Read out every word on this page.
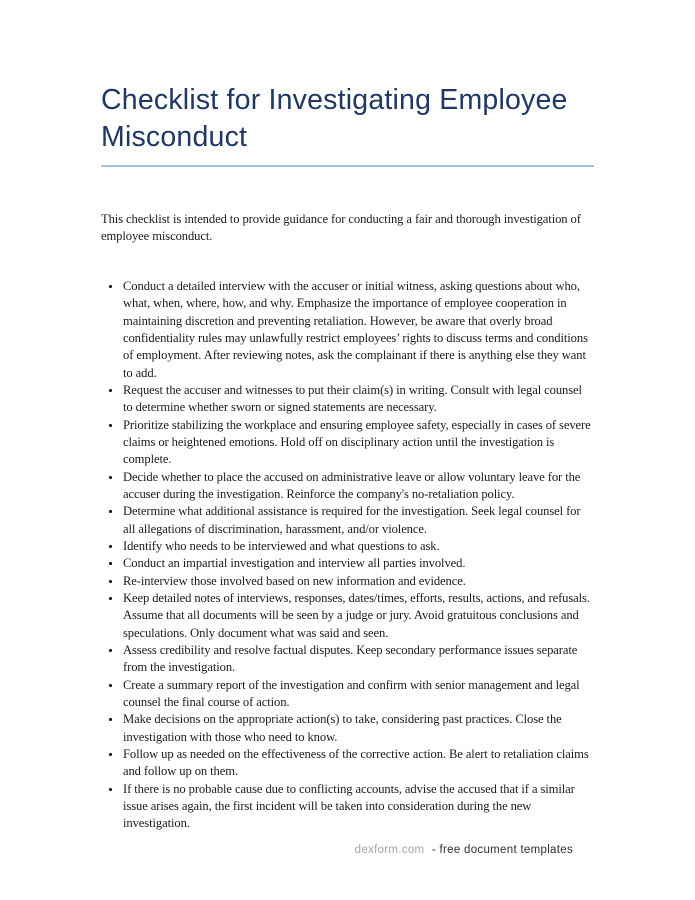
Checklist for Investigating Employee Misconduct

This checklist is intended to provide guidance for conducting a fair and thorough investigation of employee misconduct.

• Conduct a detailed interview with the accuser or initial witness, asking questions about who, what, when, where, how, and why. Emphasize the importance of employee cooperation in maintaining discretion and preventing retaliation. However, be aware that overly broad confidentiality rules may unlawfully restrict employees’ rights to discuss terms and conditions of employment. After reviewing notes, ask the complainant if there is anything else they want to add.
• Request the accuser and witnesses to put their claim(s) in writing. Consult with legal counsel to determine whether sworn or signed statements are necessary.
• Prioritize stabilizing the workplace and ensuring employee safety, especially in cases of severe claims or heightened emotions. Hold off on disciplinary action until the investigation is complete.
• Decide whether to place the accused on administrative leave or allow voluntary leave for the accuser during the investigation. Reinforce the company's no-retaliation policy.
• Determine what additional assistance is required for the investigation. Seek legal counsel for all allegations of discrimination, harassment, and/or violence.
• Identify who needs to be interviewed and what questions to ask.
• Conduct an impartial investigation and interview all parties involved.
• Re-interview those involved based on new information and evidence.
• Keep detailed notes of interviews, responses, dates/times, efforts, results, actions, and refusals. Assume that all documents will be seen by a judge or jury. Avoid gratuitous conclusions and speculations. Only document what was said and seen.
• Assess credibility and resolve factual disputes. Keep secondary performance issues separate from the investigation.
• Create a summary report of the investigation and confirm with senior management and legal counsel the final course of action.
• Make decisions on the appropriate action(s) to take, considering past practices. Close the investigation with those who need to know.
• Follow up as needed on the effectiveness of the corrective action. Be alert to retaliation claims and follow up on them.
• If there is no probable cause due to conflicting accounts, advise the accused that if a similar issue arises again, the first incident will be taken into consideration during the new investigation.
dexform.com - free document templates
